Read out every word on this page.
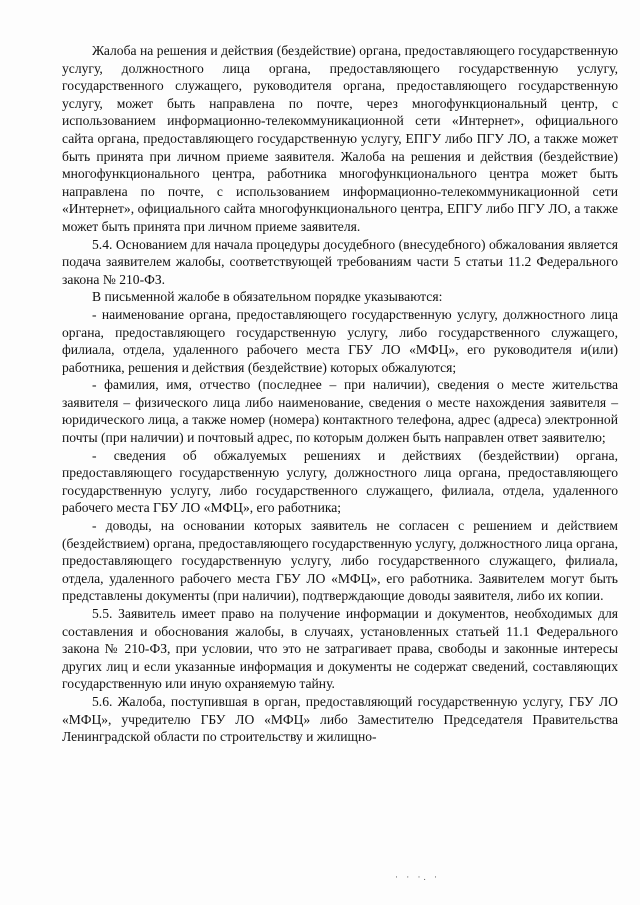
Жалоба на решения и действия (бездействие) органа, предоставляющего государственную услугу, должностного лица органа, предоставляющего государственную услугу, государственного служащего, руководителя органа, предоставляющего государственную услугу, может быть направлена по почте, через многофункциональный центр, с использованием информационно-телекоммуникационной сети «Интернет», официального сайта органа, предоставляющего государственную услугу, ЕПГУ либо ПГУ ЛО, а также может быть принята при личном приеме заявителя. Жалоба на решения и действия (бездействие) многофункционального центра, работника многофункционального центра может быть направлена по почте, с использованием информационно-телекоммуникационной сети «Интернет», официального сайта многофункционального центра, ЕПГУ либо ПГУ ЛО, а также может быть принята при личном приеме заявителя.

5.4. Основанием для начала процедуры досудебного (внесудебного) обжалования является подача заявителем жалобы, соответствующей требованиям части 5 статьи 11.2 Федерального закона № 210-ФЗ.

В письменной жалобе в обязательном порядке указываются:

- наименование органа, предоставляющего государственную услугу, должностного лица органа, предоставляющего государственную услугу, либо государственного служащего, филиала, отдела, удаленного рабочего места ГБУ ЛО «МФЦ», его руководителя и(или) работника, решения и действия (бездействие) которых обжалуются;

- фамилия, имя, отчество (последнее – при наличии), сведения о месте жительства заявителя – физического лица либо наименование, сведения о месте нахождения заявителя – юридического лица, а также номер (номера) контактного телефона, адрес (адреса) электронной почты (при наличии) и почтовый адрес, по которым должен быть направлен ответ заявителю;

- сведения об обжалуемых решениях и действиях (бездействии) органа, предоставляющего государственную услугу, должностного лица органа, предоставляющего государственную услугу, либо государственного служащего, филиала, отдела, удаленного рабочего места ГБУ ЛО «МФЦ», его работника;

- доводы, на основании которых заявитель не согласен с решением и действием (бездействием) органа, предоставляющего государственную услугу, должностного лица органа, предоставляющего государственную услугу, либо государственного служащего, филиала, отдела, удаленного рабочего места ГБУ ЛО «МФЦ», его работника. Заявителем могут быть представлены документы (при наличии), подтверждающие доводы заявителя, либо их копии.

5.5. Заявитель имеет право на получение информации и документов, необходимых для составления и обоснования жалобы, в случаях, установленных статьей 11.1 Федерального закона № 210-ФЗ, при условии, что это не затрагивает права, свободы и законные интересы других лиц и если указанные информация и документы не содержат сведений, составляющих государственную или иную охраняемую тайну.

5.6. Жалоба, поступившая в орган, предоставляющий государственную услугу, ГБУ ЛО «МФЦ», учредителю ГБУ ЛО «МФЦ» либо Заместителю Председателя Правительства Ленинградской области по строительству и жилищно-

· · ·. ·
